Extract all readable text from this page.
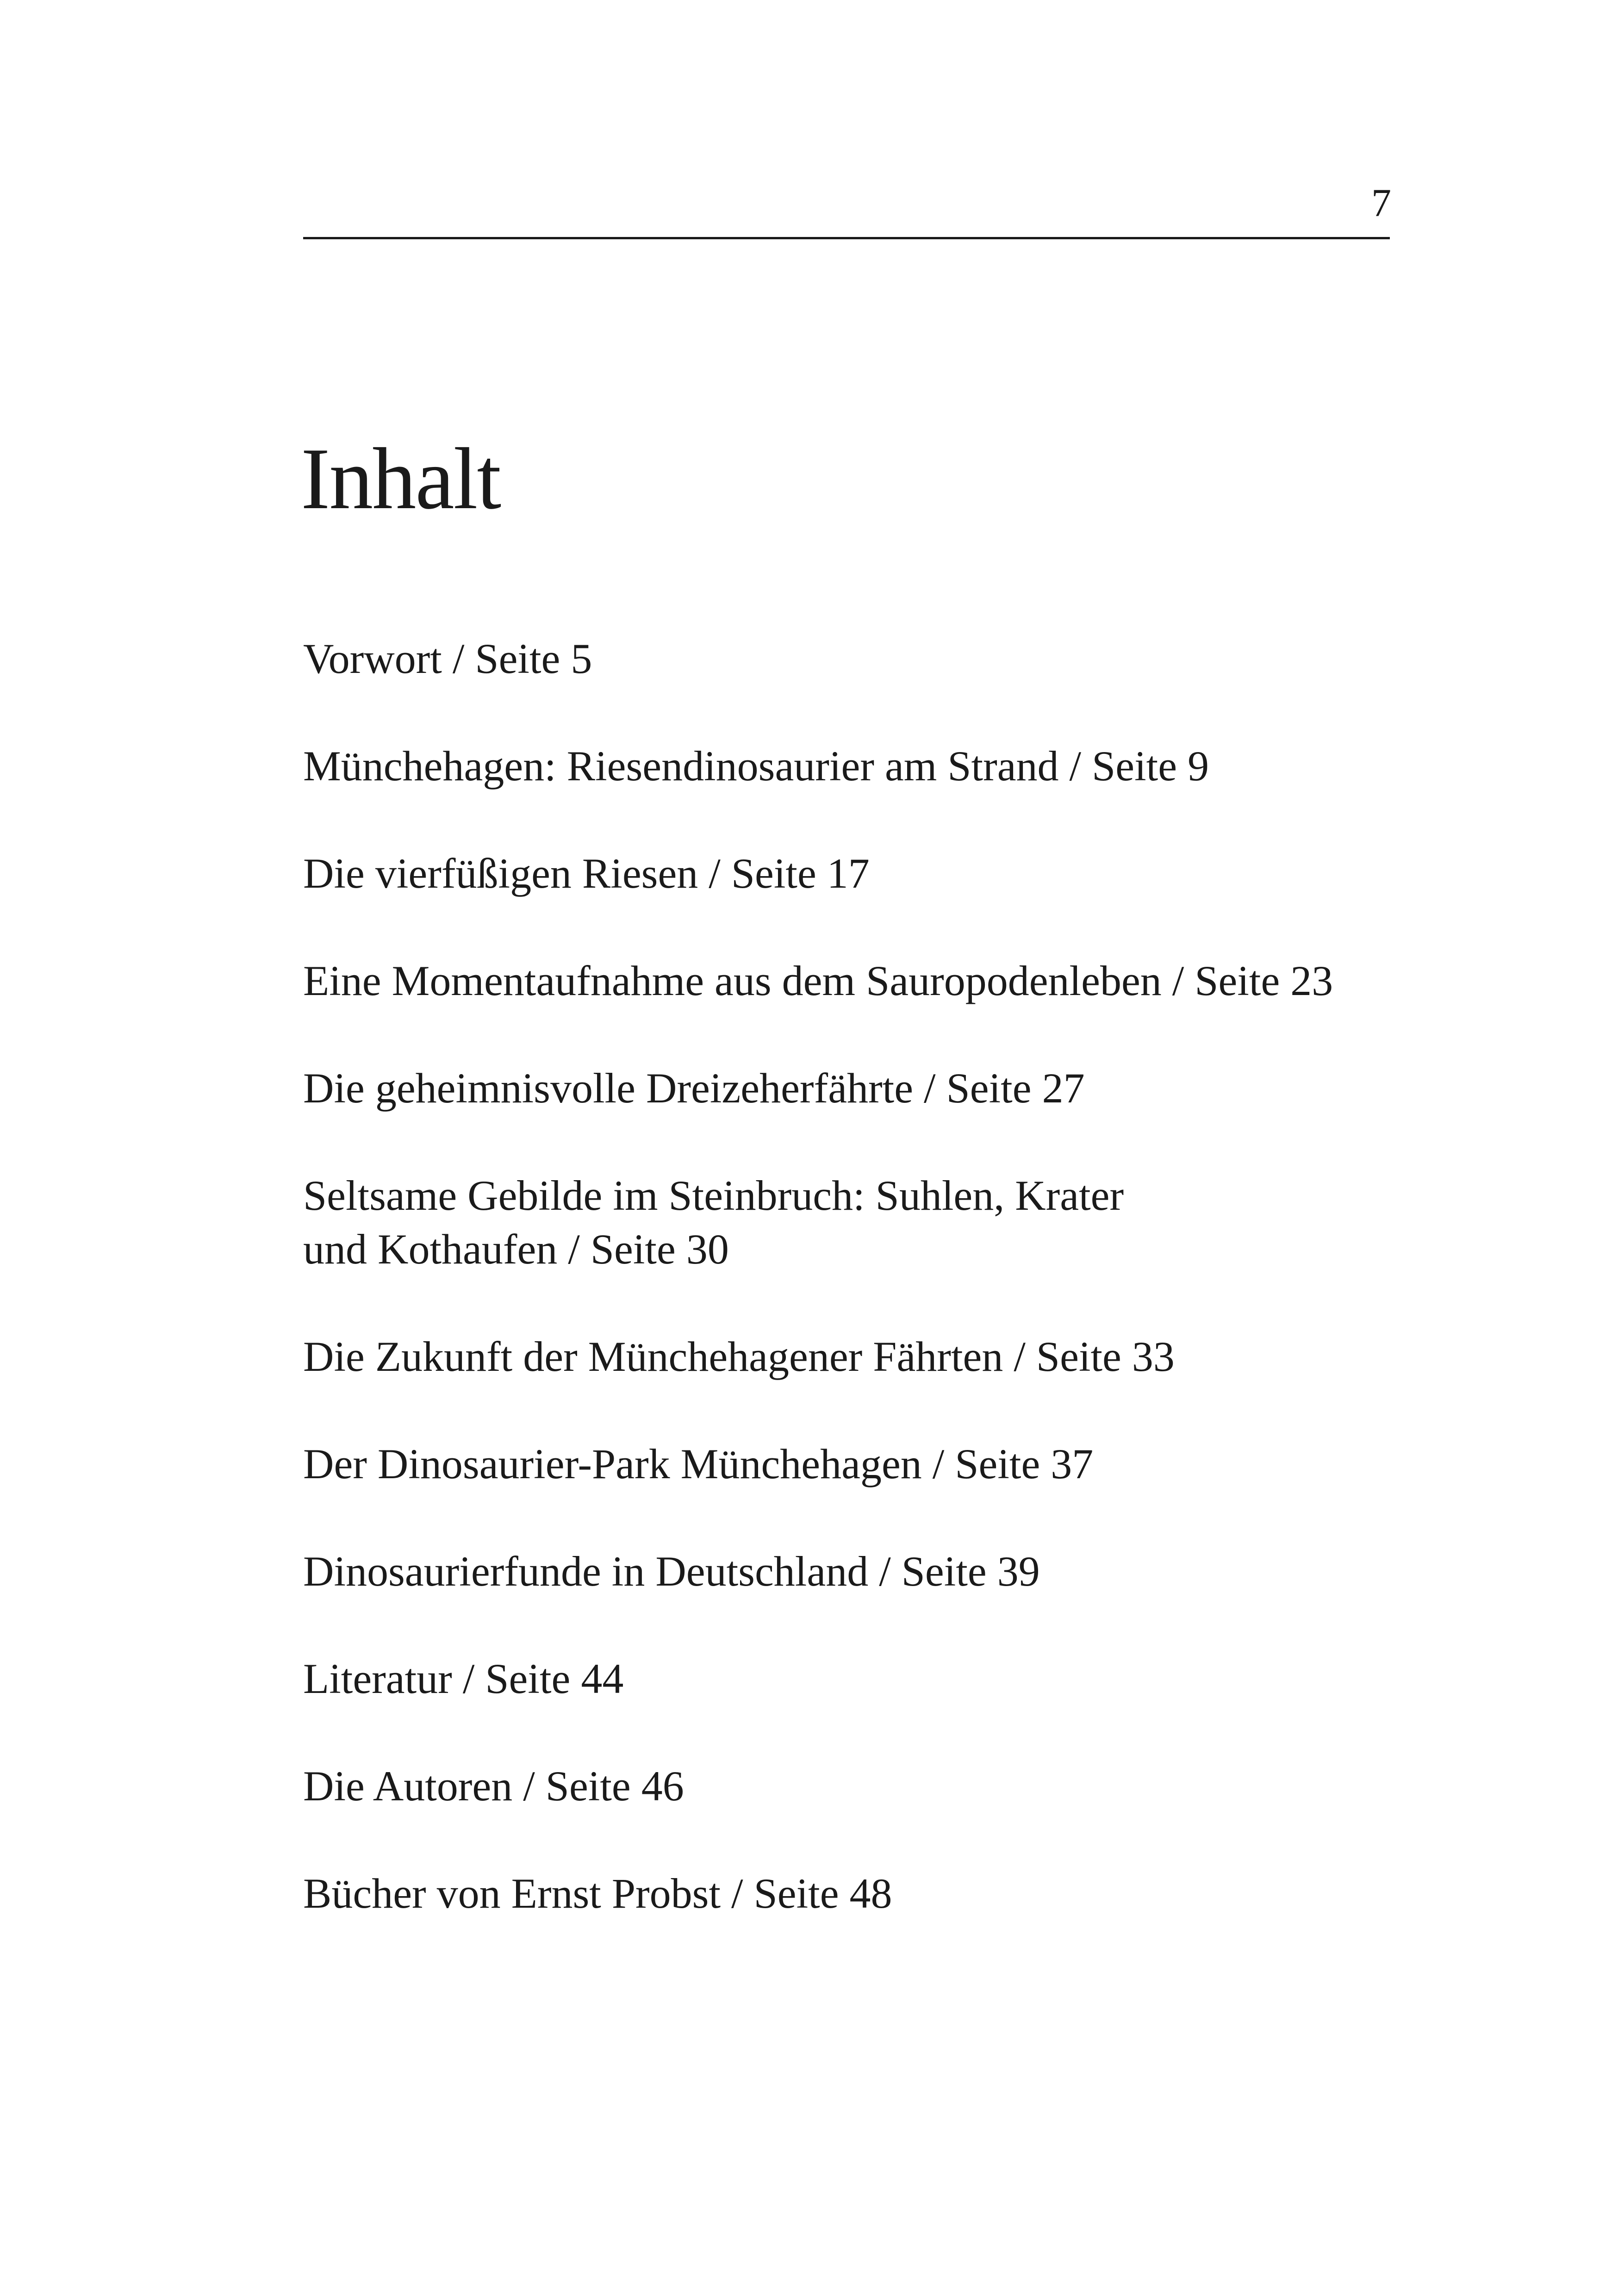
7
Inhalt
Vorwort / Seite 5
Münchehagen: Riesendinosaurier am Strand / Seite 9
Die vierfüßigen Riesen / Seite 17
Eine Momentaufnahme aus dem Sauropodenleben / Seite 23
Die geheimnisvolle Dreizeherfährte / Seite 27
Seltsame Gebilde im Steinbruch: Suhlen, Krater
und Kothaufen / Seite 30
Die Zukunft der Münchehagener Fährten / Seite 33
Der Dinosaurier-Park Münchehagen / Seite 37
Dinosaurierfunde in Deutschland / Seite 39
Literatur / Seite 44
Die Autoren / Seite 46
Bücher von Ernst Probst / Seite 48
